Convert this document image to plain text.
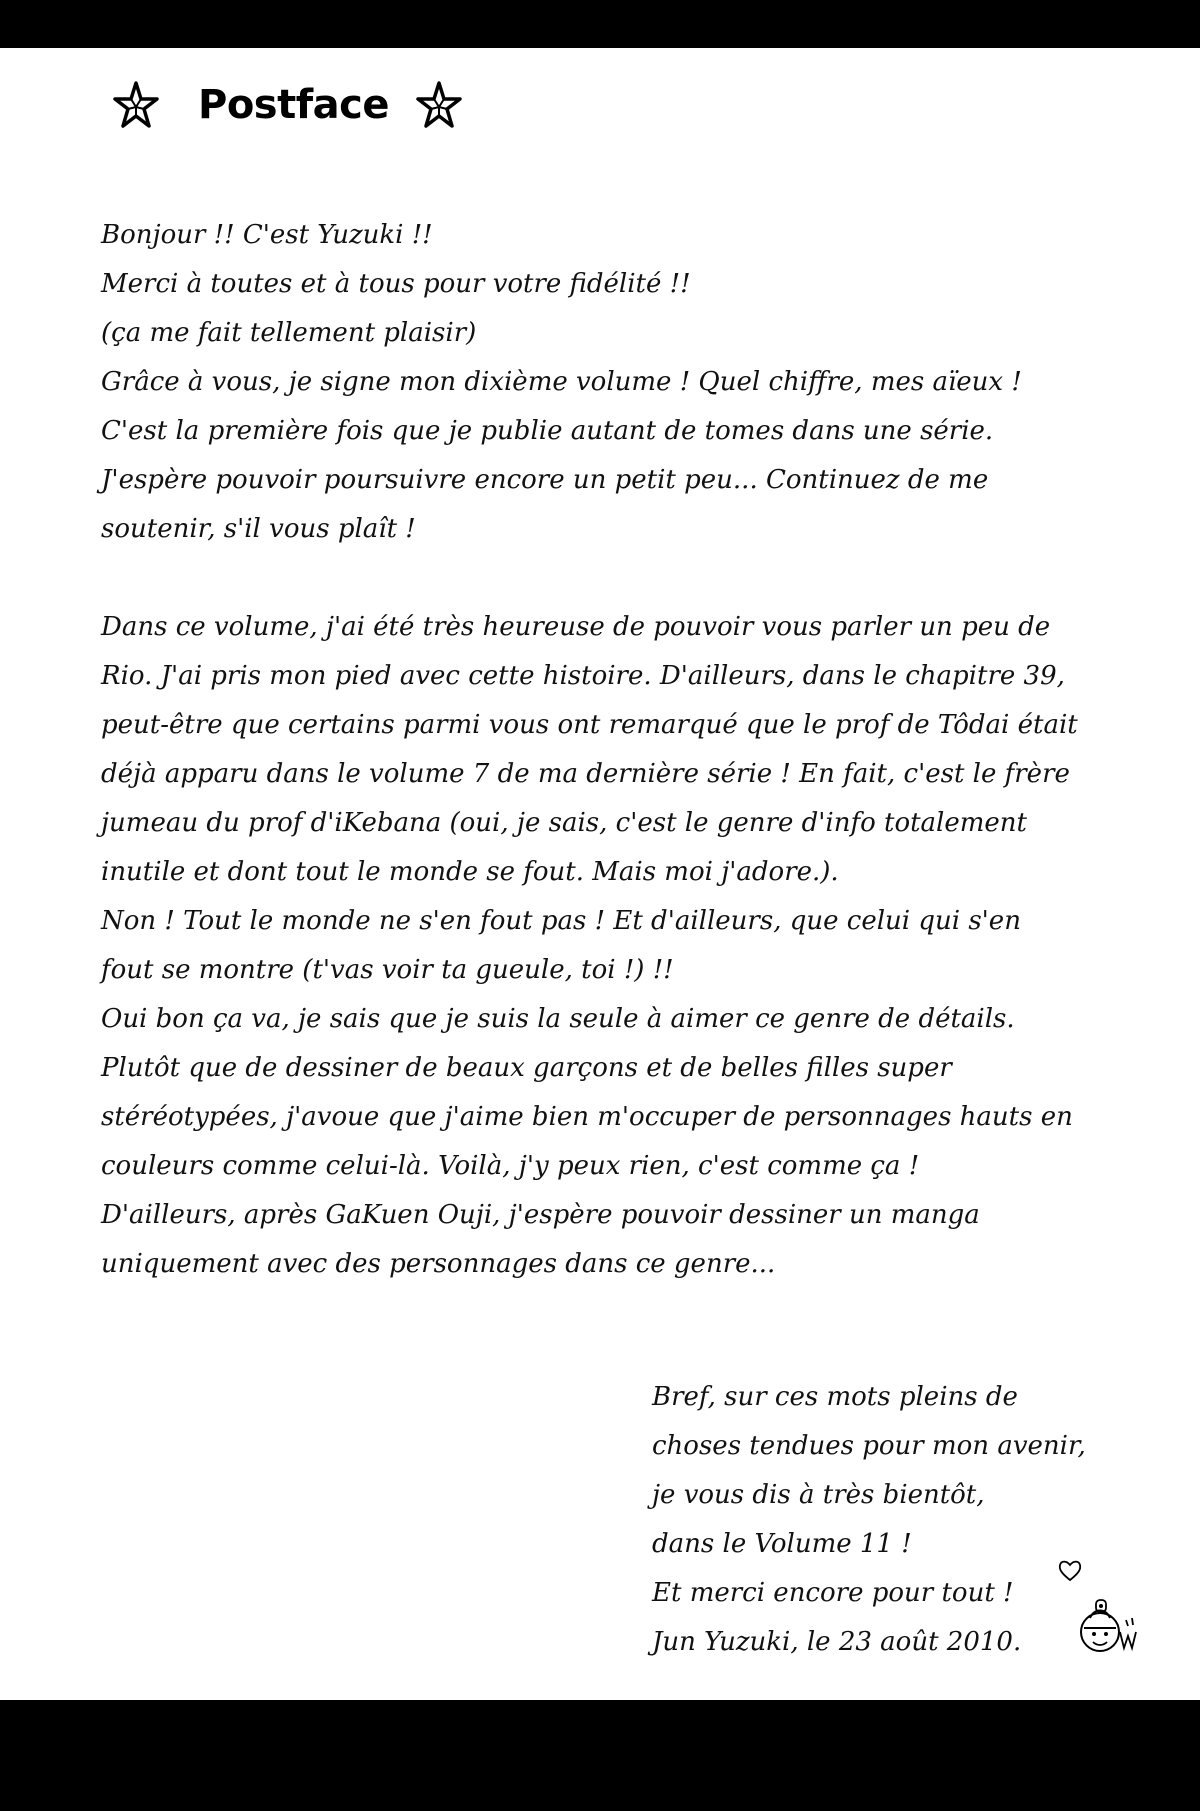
Postface
Bonjour !! C'est Yuzuki !!
Merci à toutes et à tous pour votre fidélité !!
(ça me fait tellement plaisir)
Grâce à vous, je signe mon dixième volume ! Quel chiffre, mes aïeux !
C'est la première fois que je publie autant de tomes dans une série.
J'espère pouvoir poursuivre encore un petit peu... Continuez de me
soutenir, s'il vous plaît !
Dans ce volume, j'ai été très heureuse de pouvoir vous parler un peu de
Rio. J'ai pris mon pied avec cette histoire. D'ailleurs, dans le chapitre 39,
peut-être que certains parmi vous ont remarqué que le prof de Tôdai était
déjà apparu dans le volume 7 de ma dernière série ! En fait, c'est le frère
jumeau du prof d'iKebana (oui, je sais, c'est le genre d'info totalement
inutile et dont tout le monde se fout. Mais moi j'adore.).
Non ! Tout le monde ne s'en fout pas ! Et d'ailleurs, que celui qui s'en
fout se montre (t'vas voir ta gueule, toi !) !!
Oui bon ça va, je sais que je suis la seule à aimer ce genre de détails.
Plutôt que de dessiner de beaux garçons et de belles filles super
stéréotypées, j'avoue que j'aime bien m'occuper de personnages hauts en
couleurs comme celui-là. Voilà, j'y peux rien, c'est comme ça !
D'ailleurs, après GaKuen Ouji, j'espère pouvoir dessiner un manga
uniquement avec des personnages dans ce genre...
Bref, sur ces mots pleins de
choses tendues pour mon avenir,
je vous dis à très bientôt,
dans le Volume 11 !
Et merci encore pour tout !
Jun Yuzuki, le 23 août 2010.
